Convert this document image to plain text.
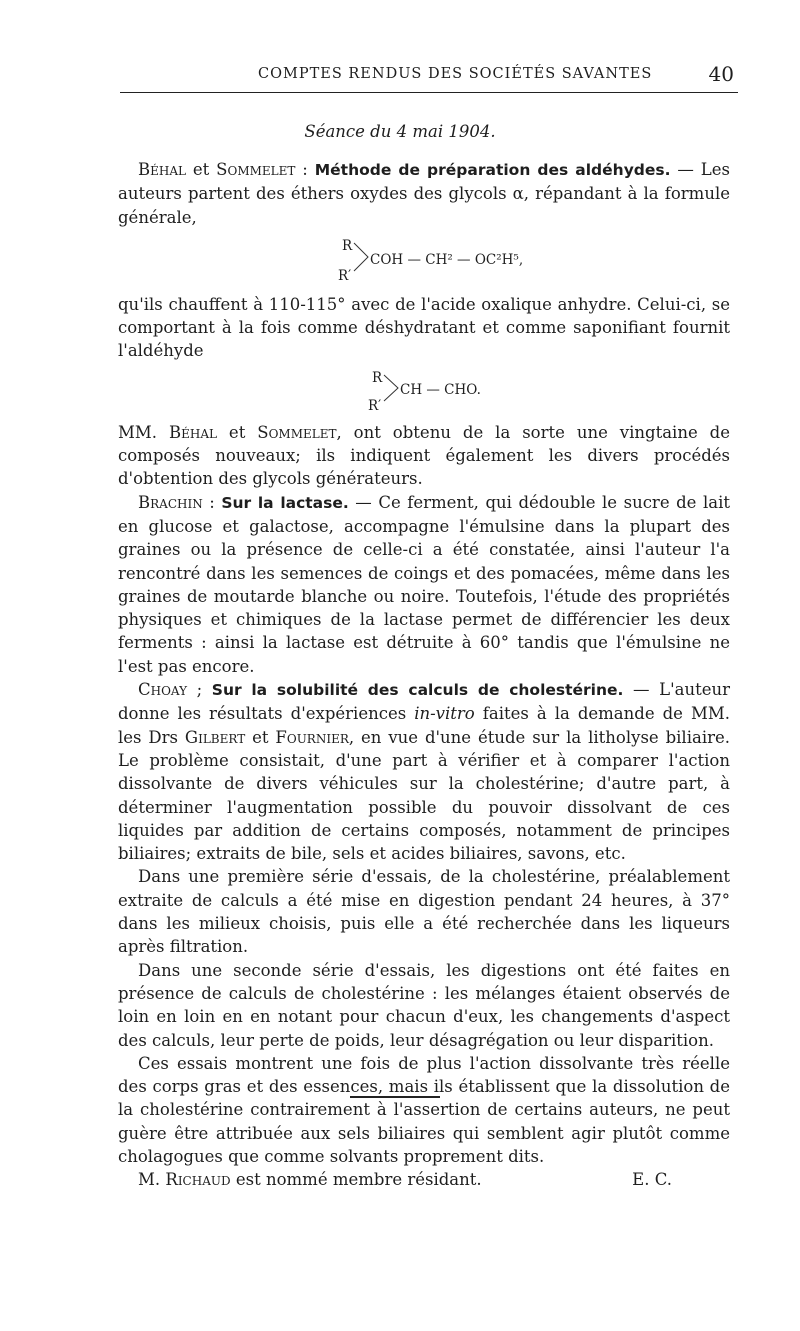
COMPTES RENDUS DES SOCIÉTÉS SAVANTES	40
Séance du 4 mai 1904.

Béhal et Sommelet : Méthode de préparation des aldéhydes. — Les auteurs partent des éthers oxydes des glycols α, répandant à la formule générale,

R
R′
COH — CH² — OC²H⁵,

qu'ils chauffent à 110-115° avec de l'acide oxalique anhydre. Celui-ci, se comportant à la fois comme déshydratant et comme saponifiant fournit l'aldéhyde

R
R′
CH — CHO.

MM. Béhal et Sommelet, ont obtenu de la sorte une vingtaine de composés nouveaux; ils indiquent également les divers procédés d'obtention des glycols générateurs.

Brachin : Sur la lactase. — Ce ferment, qui dédouble le sucre de lait en glucose et galactose, accompagne l'émulsine dans la plupart des graines ou la présence de celle-ci a été constatée, ainsi l'auteur l'a rencontré dans les semences de coings et des pomacées, même dans les graines de moutarde blanche ou noire. Toutefois, l'étude des propriétés physiques et chimiques de la lactase permet de différencier les deux ferments : ainsi la lactase est détruite à 60° tandis que l'émulsine ne l'est pas encore.

Choay ; Sur la solubilité des calculs de cholestérine. — L'auteur donne les résultats d'expériences in-vitro faites à la demande de MM. les Drs Gilbert et Fournier, en vue d'une étude sur la litholyse biliaire. Le problème consistait, d'une part à vérifier et à comparer l'action dissolvante de divers véhicules sur la cholestérine; d'autre part, à déterminer l'augmentation possible du pouvoir dissolvant de ces liquides par addition de certains composés, notamment de principes biliaires; extraits de bile, sels et acides biliaires, savons, etc.

Dans une première série d'essais, de la cholestérine, préalablement extraite de calculs a été mise en digestion pendant 24 heures, à 37° dans les milieux choisis, puis elle a été recherchée dans les liqueurs après filtration.

Dans une seconde série d'essais, les digestions ont été faites en présence de calculs de cholestérine : les mélanges étaient observés de loin en loin en en notant pour chacun d'eux, les changements d'aspect des calculs, leur perte de poids, leur désagrégation ou leur disparition.

Ces essais montrent une fois de plus l'action dissolvante très réelle des corps gras et des essences, mais ils établissent que la dissolution de la cholestérine contrairement à l'assertion de certains auteurs, ne peut guère être attribuée aux sels biliaires qui semblent agir plutôt comme cholagogues que comme solvants proprement dits.

M. Richaud est nommé membre résidant.	E. C.
